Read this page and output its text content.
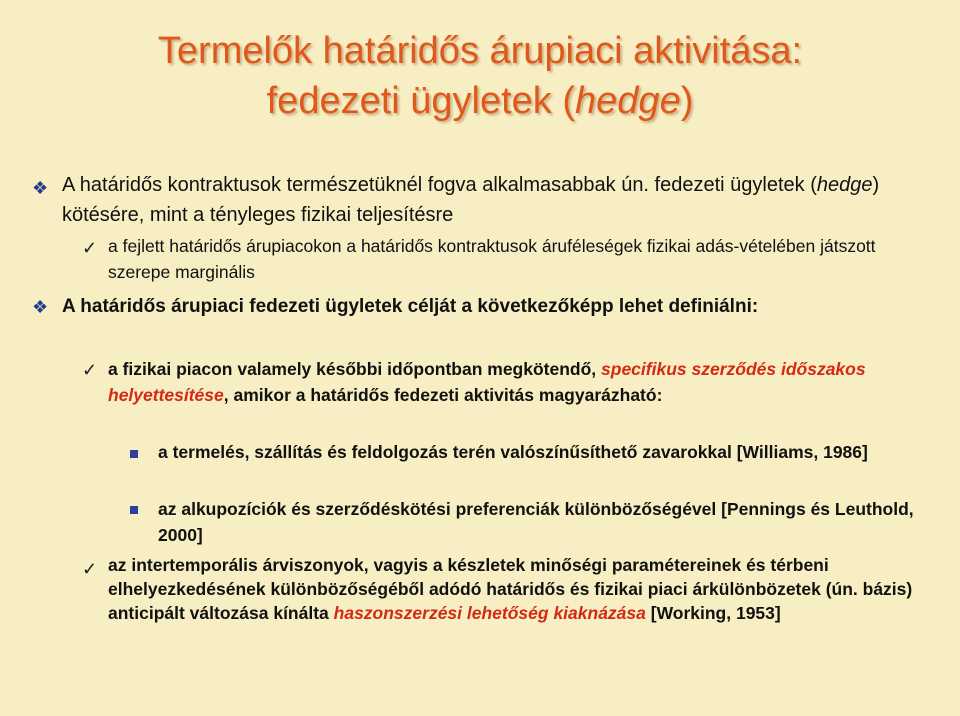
Termelők határidős árupiaci aktivitása:
fedezeti ügyletek (hedge)
❖ A határidős kontraktusok természetüknél fogva alkalmasabbak ún. fedezeti ügyletek (hedge) kötésére, mint a tényleges fizikai teljesítésre
✓ a fejlett határidős árupiacokon a határidős kontraktusok áruféleségek fizikai adás-vételében játszott szerepe marginális
❖ A határidős árupiaci fedezeti ügyletek célját a következőképp lehet definiálni:
✓ a fizikai piacon valamely későbbi időpontban megkötendő, specifikus szerződés időszakos helyettesítése, amikor a határidős fedezeti aktivitás magyarázható:
a termelés, szállítás és feldolgozás terén valószínűsíthető zavarokkal [Williams, 1986]
az alkupozíciók és szerződéskötési preferenciák különbözőségével [Pennings és Leuthold, 2000]
✓ az intertemporális árviszonyok, vagyis a készletek minőségi paramétereinek és térbeni elhelyezkedésének különbözőségéből adódó határidős és fizikai piaci árkülönbözetek (ún. bázis) anticipált változása kínálta haszonszerzési lehetőség kiaknázása [Working, 1953]
